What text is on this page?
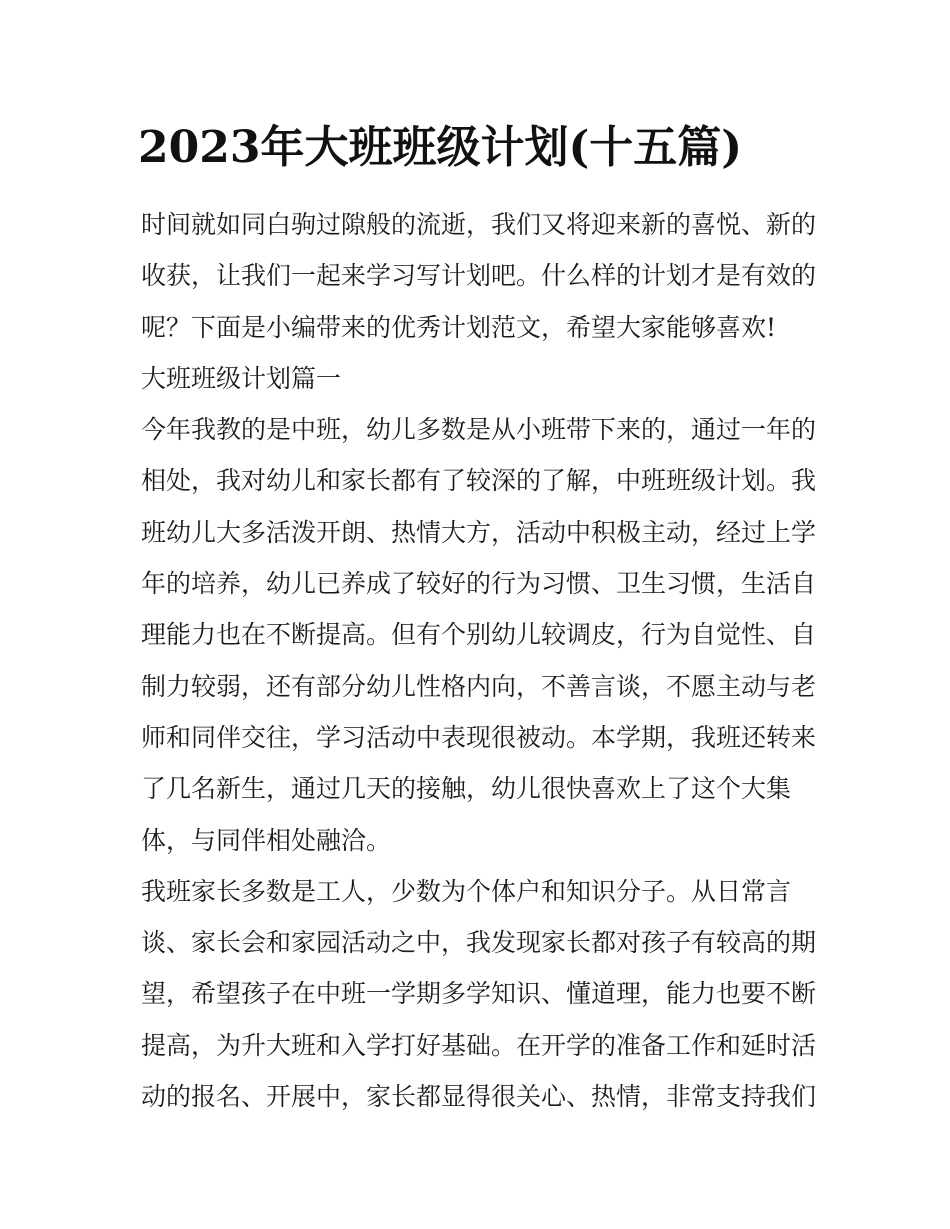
2023年大班班级计划(十五篇)
时间就如同白驹过隙般的流逝，我们又将迎来新的喜悦、新的
收获，让我们一起来学习写计划吧。什么样的计划才是有效的
呢？下面是小编带来的优秀计划范文，希望大家能够喜欢!
大班班级计划篇一
今年我教的是中班，幼儿多数是从小班带下来的，通过一年的
相处，我对幼儿和家长都有了较深的了解，中班班级计划。我
班幼儿大多活泼开朗、热情大方，活动中积极主动，经过上学
年的培养，幼儿已养成了较好的行为习惯、卫生习惯，生活自
理能力也在不断提高。但有个别幼儿较调皮，行为自觉性、自
制力较弱，还有部分幼儿性格内向，不善言谈，不愿主动与老
师和同伴交往，学习活动中表现很被动。本学期，我班还转来
了几名新生，通过几天的接触，幼儿很快喜欢上了这个大集
体，与同伴相处融洽。
我班家长多数是工人，少数为个体户和知识分子。从日常言
谈、家长会和家园活动之中，我发现家长都对孩子有较高的期
望，希望孩子在中班一学期多学知识、懂道理，能力也要不断
提高，为升大班和入学打好基础。在开学的准备工作和延时活
动的报名、开展中，家长都显得很关心、热情，非常支持我们
